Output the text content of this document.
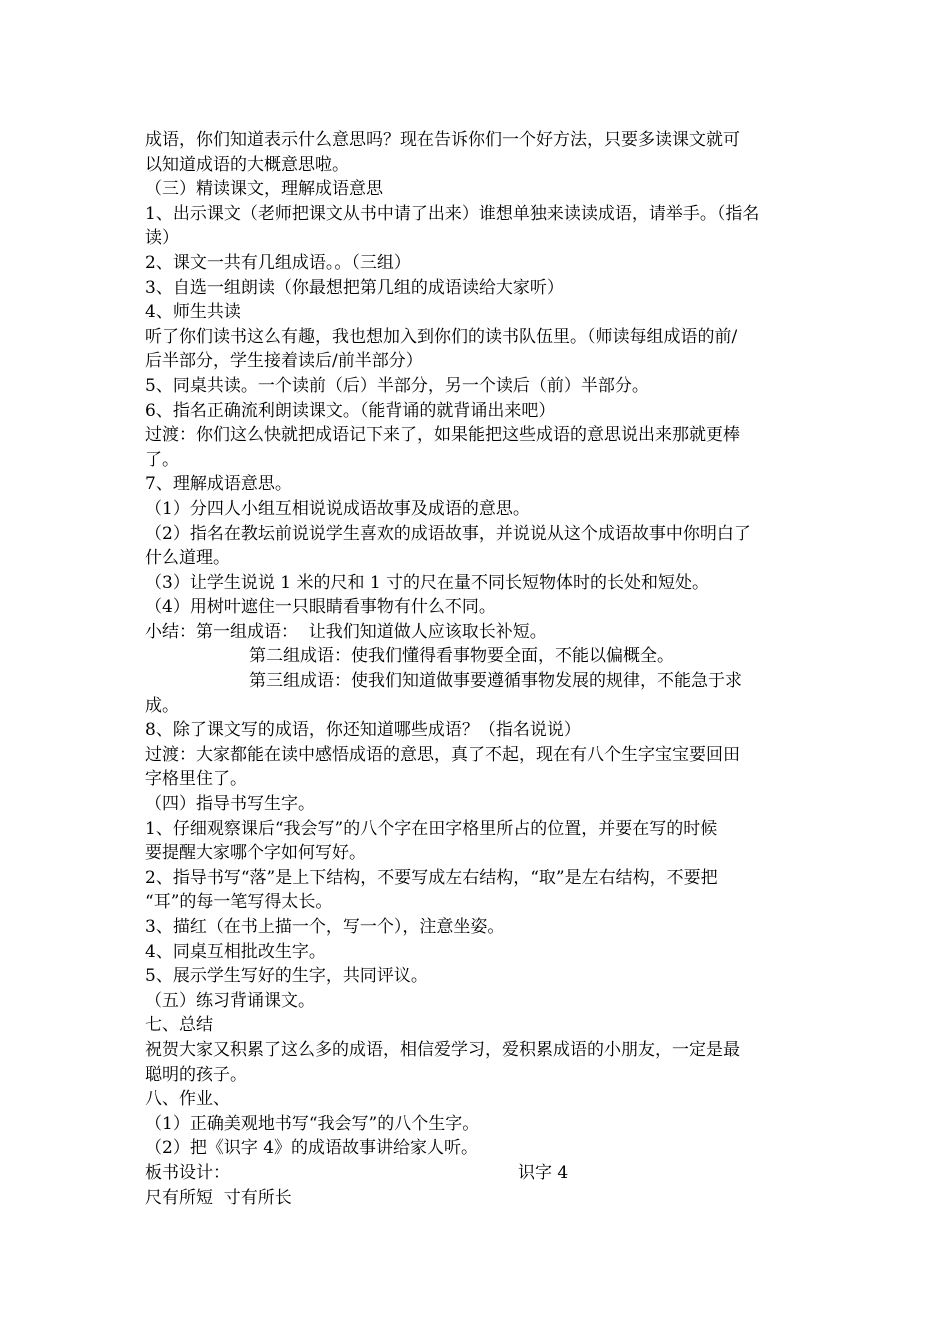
成语，你们知道表示什么意思吗？现在告诉你们一个好方法，只要多读课文就可
以知道成语的大概意思啦。
（三）精读课文，理解成语意思
1、出示课文（老师把课文从书中请了出来）谁想单独来读读成语，请举手。（指名
读）
2、课文一共有几组成语。。（三组）
3、自选一组朗读（你最想把第几组的成语读给大家听）
4、师生共读
听了你们读书这么有趣，我也想加入到你们的读书队伍里。（师读每组成语的前/
后半部分，学生接着读后/前半部分）
5、同桌共读。一个读前（后）半部分，另一个读后（前）半部分。
6、指名正确流利朗读课文。（能背诵的就背诵出来吧）
过渡：你们这么快就把成语记下来了，如果能把这些成语的意思说出来那就更棒
了。
7、理解成语意思。
（1）分四人小组互相说说成语故事及成语的意思。
（2）指名在教坛前说说学生喜欢的成语故事，并说说从这个成语故事中你明白了
什么道理。
（3）让学生说说 1 米的尺和 1 寸的尺在量不同长短物体时的长处和短处。
（4）用树叶遮住一只眼睛看事物有什么不同。
小结：第一组成语：  让我们知道做人应该取长补短。
第二组成语：使我们懂得看事物要全面，不能以偏概全。
第三组成语：使我们知道做事要遵循事物发展的规律，不能急于求
成。
8、除了课文写的成语，你还知道哪些成语？（指名说说）
过渡：大家都能在读中感悟成语的意思，真了不起，现在有八个生字宝宝要回田
字格里住了。
（四）指导书写生字。
1、仔细观察课后“我会写”的八个字在田字格里所占的位置，并要在写的时候
要提醒大家哪个字如何写好。
2、指导书写“落”是上下结构，不要写成左右结构，“取”是左右结构，不要把
“耳”的每一笔写得太长。
3、描红（在书上描一个，写一个），注意坐姿。
4、同桌互相批改生字。
5、展示学生写好的生字，共同评议。
（五）练习背诵课文。
七、总结
祝贺大家又积累了这么多的成语，相信爱学习，爱积累成语的小朋友，一定是最
聪明的孩子。
八、作业、
（1）正确美观地书写“我会写”的八个生字。
（2）把《识字 4》的成语故事讲给家人听。
板书设计：	识字 4
尺有所短  寸有所长
